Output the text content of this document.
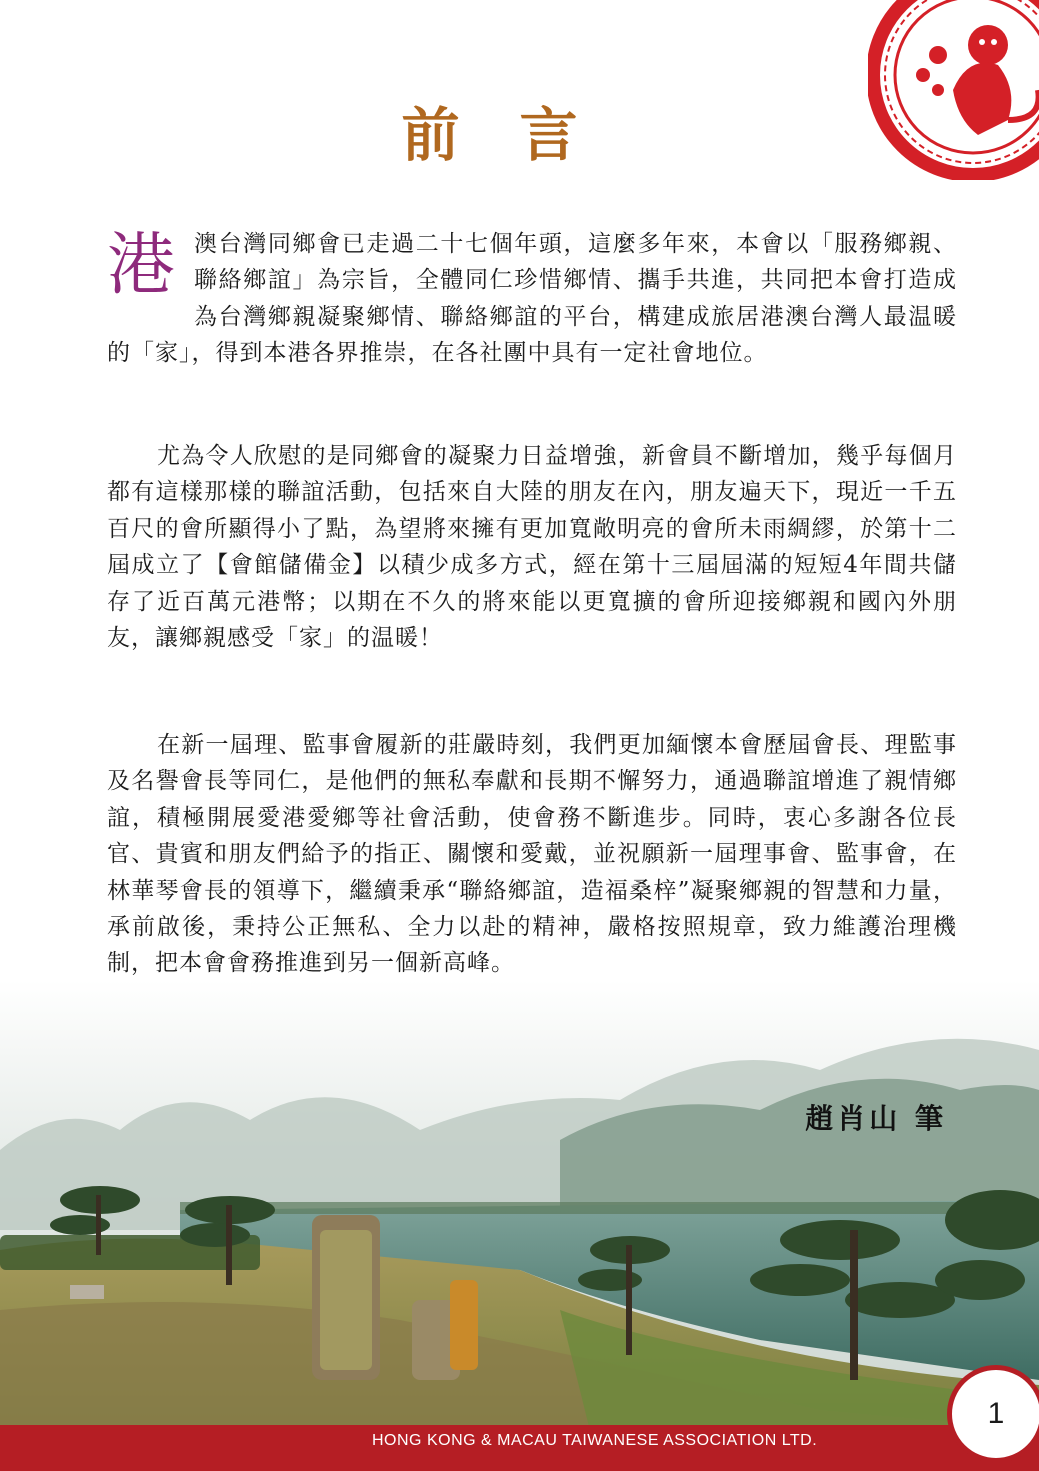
前言
港澳台灣同鄉會已走過二十七個年頭，這麼多年來，本會以「服務鄉親、聯絡鄉誼」為宗旨，全體同仁珍惜鄉情、攜手共進，共同把本會打造成為台灣鄉親凝聚鄉情、聯絡鄉誼的平台，構建成旅居港澳台灣人最温暖的「家」，得到本港各界推崇，在各社團中具有一定社會地位。
尤為令人欣慰的是同鄉會的凝聚力日益增強，新會員不斷增加，幾乎每個月都有這樣那樣的聯誼活動，包括來自大陸的朋友在內，朋友遍天下，現近一千五百尺的會所顯得小了點，為望將來擁有更加寬敞明亮的會所未雨綢繆，於第十二屆成立了【會館儲備金】以積少成多方式，經在第十三屆屆滿的短短4年間共儲存了近百萬元港幣；以期在不久的將來能以更寬擴的會所迎接鄉親和國內外朋友，讓鄉親感受「家」的温暖！
在新一屆理、監事會履新的莊嚴時刻，我們更加緬懷本會歷屆會長、理監事及名譽會長等同仁，是他們的無私奉獻和長期不懈努力，通過聯誼增進了親情鄉誼，積極開展愛港愛鄉等社會活動，使會務不斷進步。同時，衷心多謝各位長官、貴賓和朋友們給予的指正、關懷和愛戴，並祝願新一屆理事會、監事會，在林華琴會長的領導下，繼續秉承“聯絡鄉誼，造福桑梓”凝聚鄉親的智慧和力量，承前啟後，秉持公正無私、全力以赴的精神，嚴格按照規章，致力維護治理機制，把本會會務推進到另一個新高峰。
趙肖山 筆
HONG KONG & MACAU TAIWANESE ASSOCIATION LTD.
1
